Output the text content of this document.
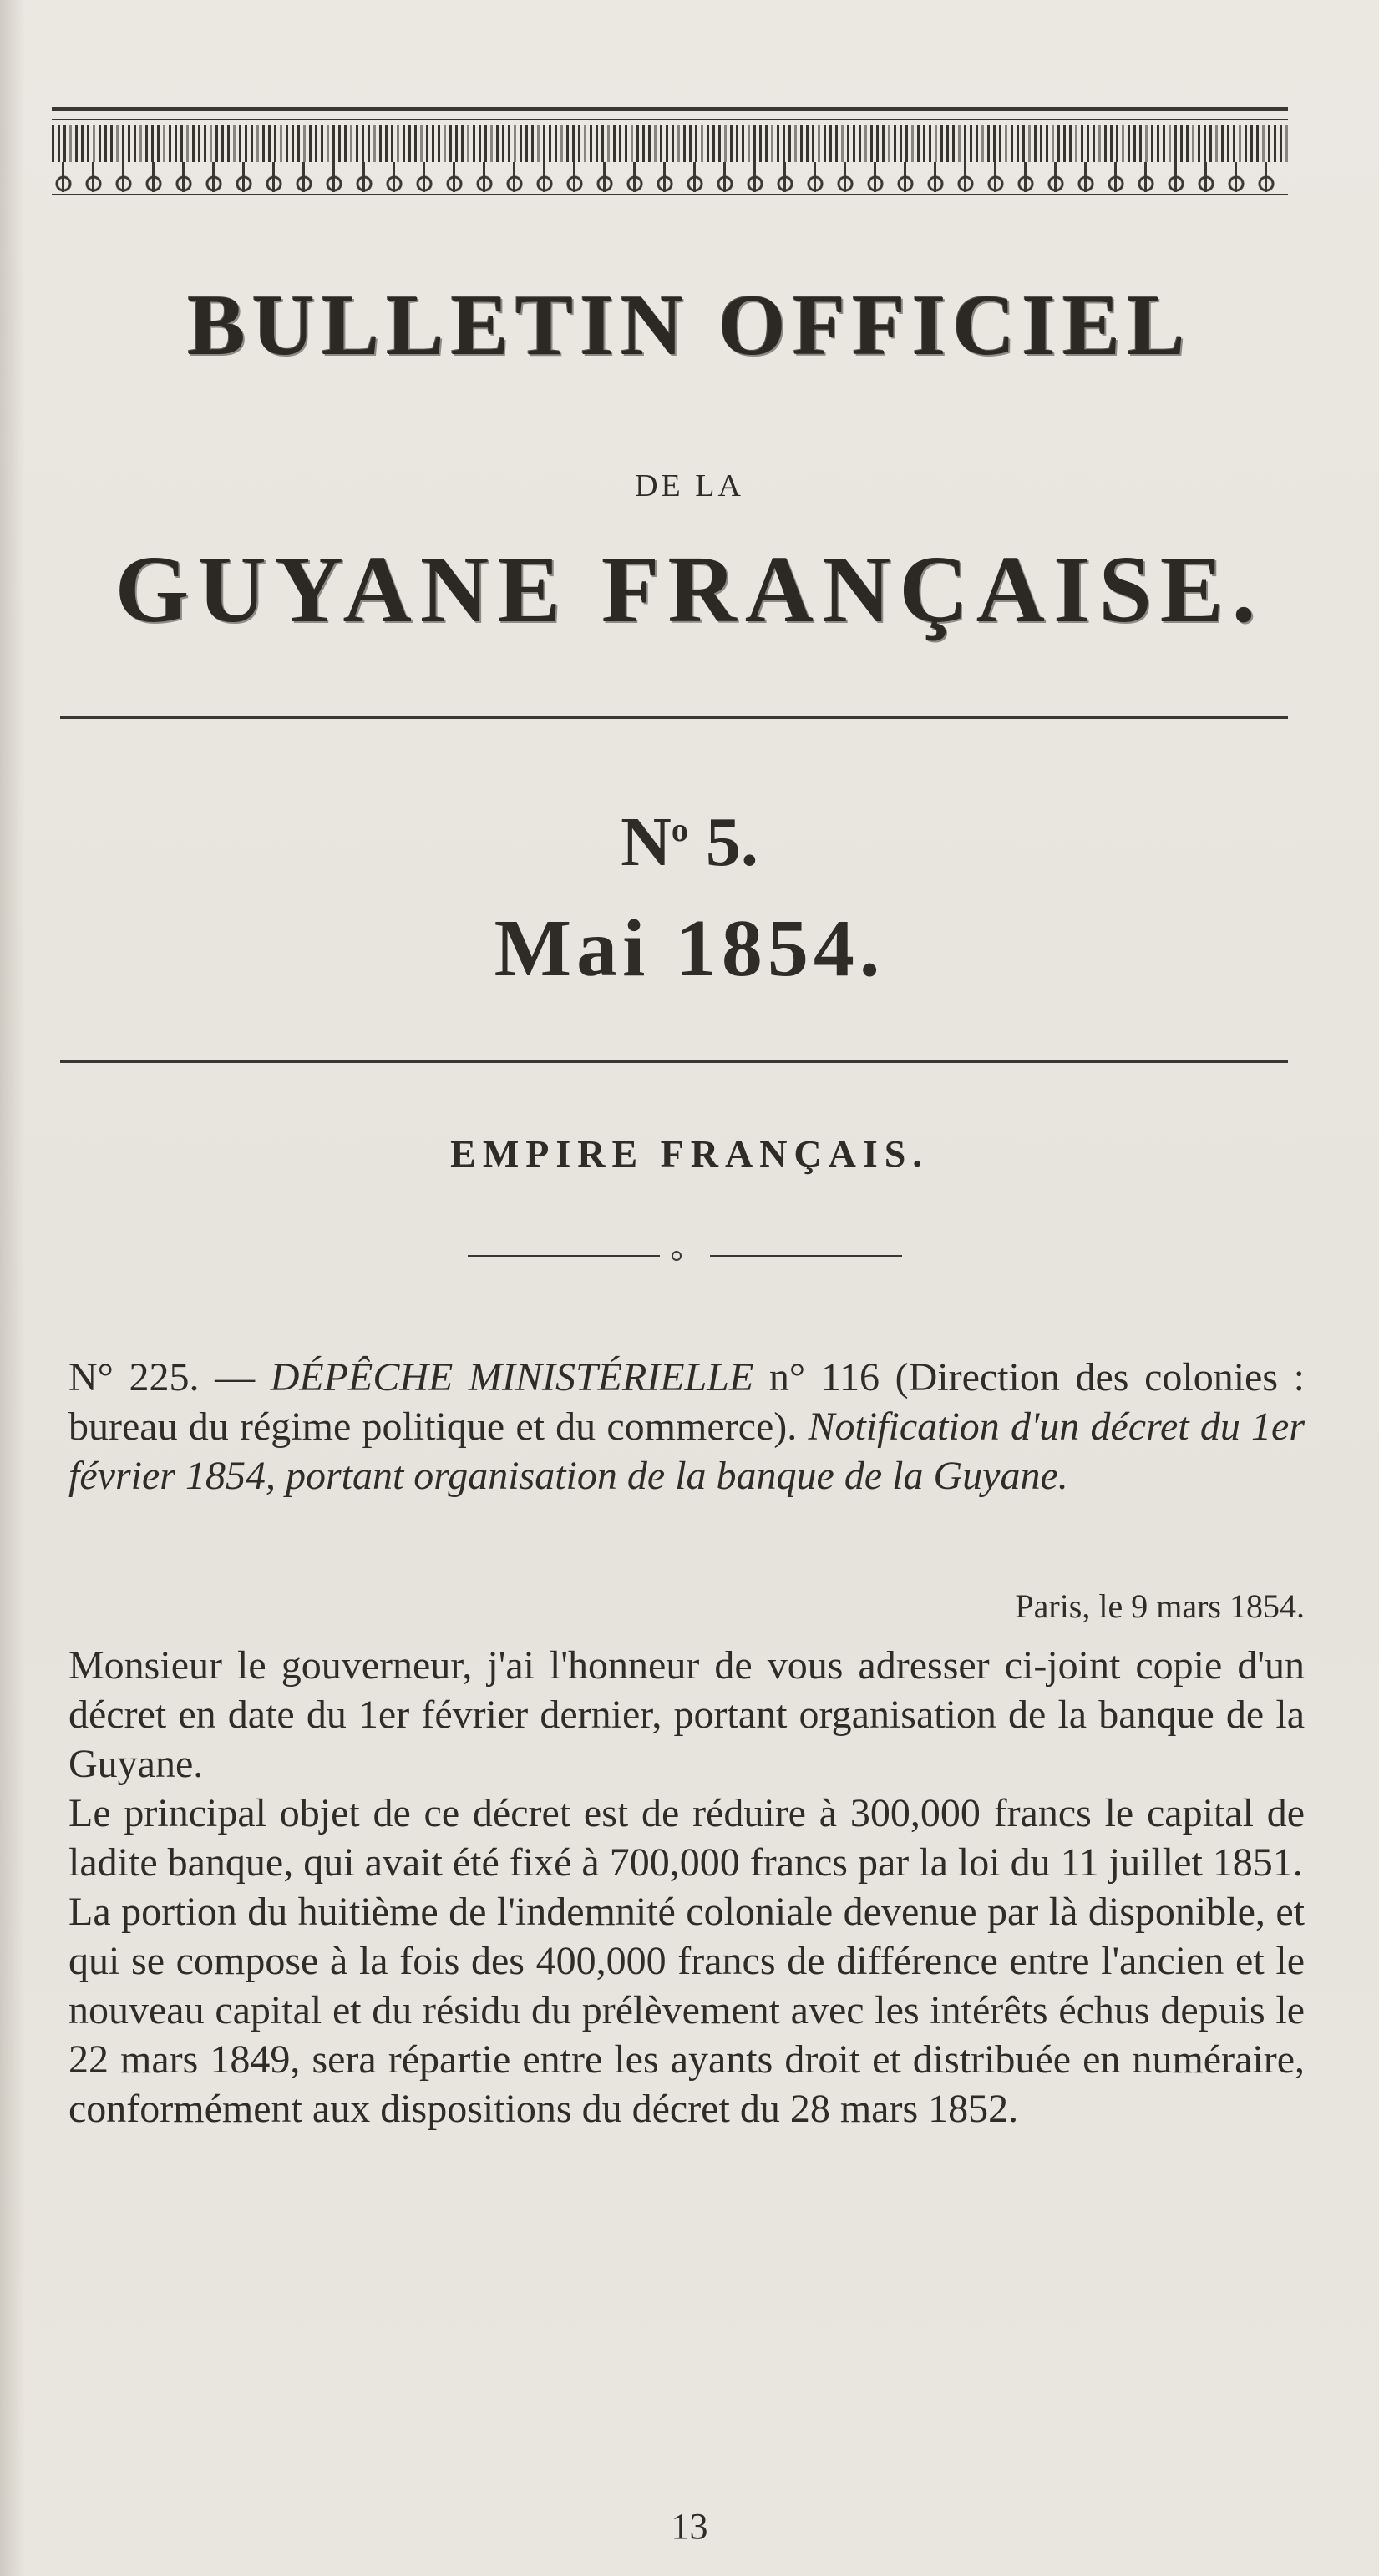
BULLETIN OFFICIEL
DE LA
GUYANE FRANÇAISE.
$N^o$ 5.
Mai 1854.
EMPIRE FRANÇAIS.
N° 225. — DÉPÊCHE MINISTÉRIELLE n° 116 (Direction des colonies : bureau du régime politique et du commerce). Notification d'un décret du 1er février 1854, portant organisation de la banque de la Guyane.
Paris, le 9 mars 1854.

Monsieur le gouverneur, j'ai l'honneur de vous adresser ci-joint copie d'un décret en date du 1er février dernier, portant organisation de la banque de la Guyane.

Le principal objet de ce décret est de réduire à 300,000 francs le capital de ladite banque, qui avait été fixé à 700,000 francs par la loi du 11 juillet 1851.

La portion du huitième de l'indemnité coloniale devenue par là disponible, et qui se compose à la fois des 400,000 francs de différence entre l'ancien et le nouveau capital et du résidu du prélèvement avec les intérêts échus depuis le 22 mars 1849, sera répartie entre les ayants droit et distribuée en numéraire, conformément aux dispositions du décret du 28 mars 1852.

13
